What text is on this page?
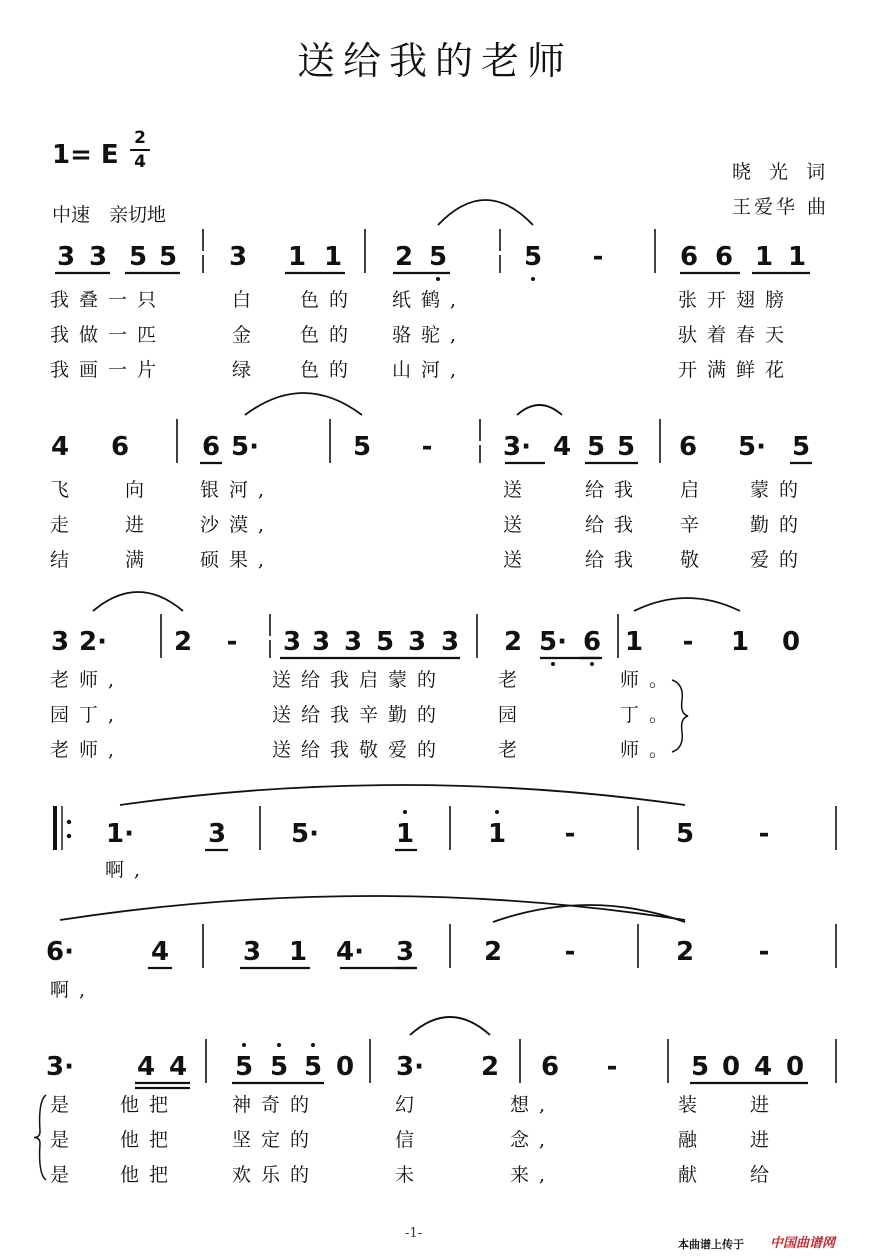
送给我的老师
1= E
2
4	晓 光 词
王爱华 曲
中速　亲切地
-1-
本曲谱上传于 中国曲谱网
3 3 5 5 3 1 1 2 5	5 -	6 6 1 1
我叠一只	白	色的 纸鹤,	张开翅膀
我做一匹	金	色的 骆驼,	驮着春天
我画一片	绿	色的 山河,	开满鲜花
4 6	6 5·	5 -	3· 4 5 5 6 5· 5
飞	向	银河,	送	给我 启	蒙的
走	进	沙漠,	送	给我 辛	勤的
结	满	硕果,	送	给我 敬	爱的
3 2·	2 - 3 3 3 5 3 3 2 5· 6 1 - 1 0
老师,	送给我启蒙的	老	师。
园丁,	送给我辛勤的	园	丁。
老师,	送给我敬爱的	老	师。
1·	3 5·	1	1 -	5 -
啊,
6·	4	3 1 4· 3	2 -	2 -
啊,
3· 4 4 5 5 5 0 3· 2 6 -	5 0 4 0
是	他把	神奇的	幻	想,	装	进
是	他把	坚定的	信	念,	融	进
是	他把	欢乐的	未	来,	献	给
